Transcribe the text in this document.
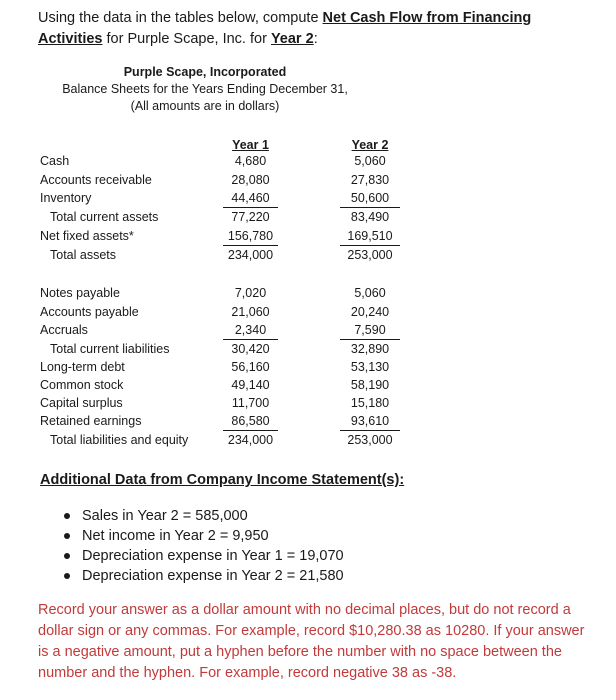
Using the data in the tables below, compute Net Cash Flow from Financing Activities for Purple Scape, Inc. for Year 2:
Purple Scape, Incorporated
Balance Sheets for the Years Ending December 31,
(All amounts are in dollars)
Year 1	Year 2
Cash	4,680	5,060
Accounts receivable	28,080	27,830
Inventory	44,460	50,600
Total current assets	77,220	83,490
Net fixed assets*	156,780	169,510
Total assets	234,000	253,000
Notes payable	7,020	5,060
Accounts payable	21,060	20,240
Accruals	2,340	7,590
Total current liabilities	30,420	32,890
Long-term debt	56,160	53,130
Common stock	49,140	58,190
Capital surplus	11,700	15,180
Retained earnings	86,580	93,610
Total liabilities and equity	234,000	253,000
Additional Data from Company Income Statement(s):
Sales in Year 2 = 585,000
Net income in Year 2 = 9,950
Depreciation expense in Year 1 = 19,070
Depreciation expense in Year 2 = 21,580
Record your answer as a dollar amount with no decimal places, but do not record a dollar sign or any commas. For example, record $10,280.38 as 10280. If your answer is a negative amount, put a hyphen before the number with no space between the number and the hyphen. For example, record negative 38 as -38.
